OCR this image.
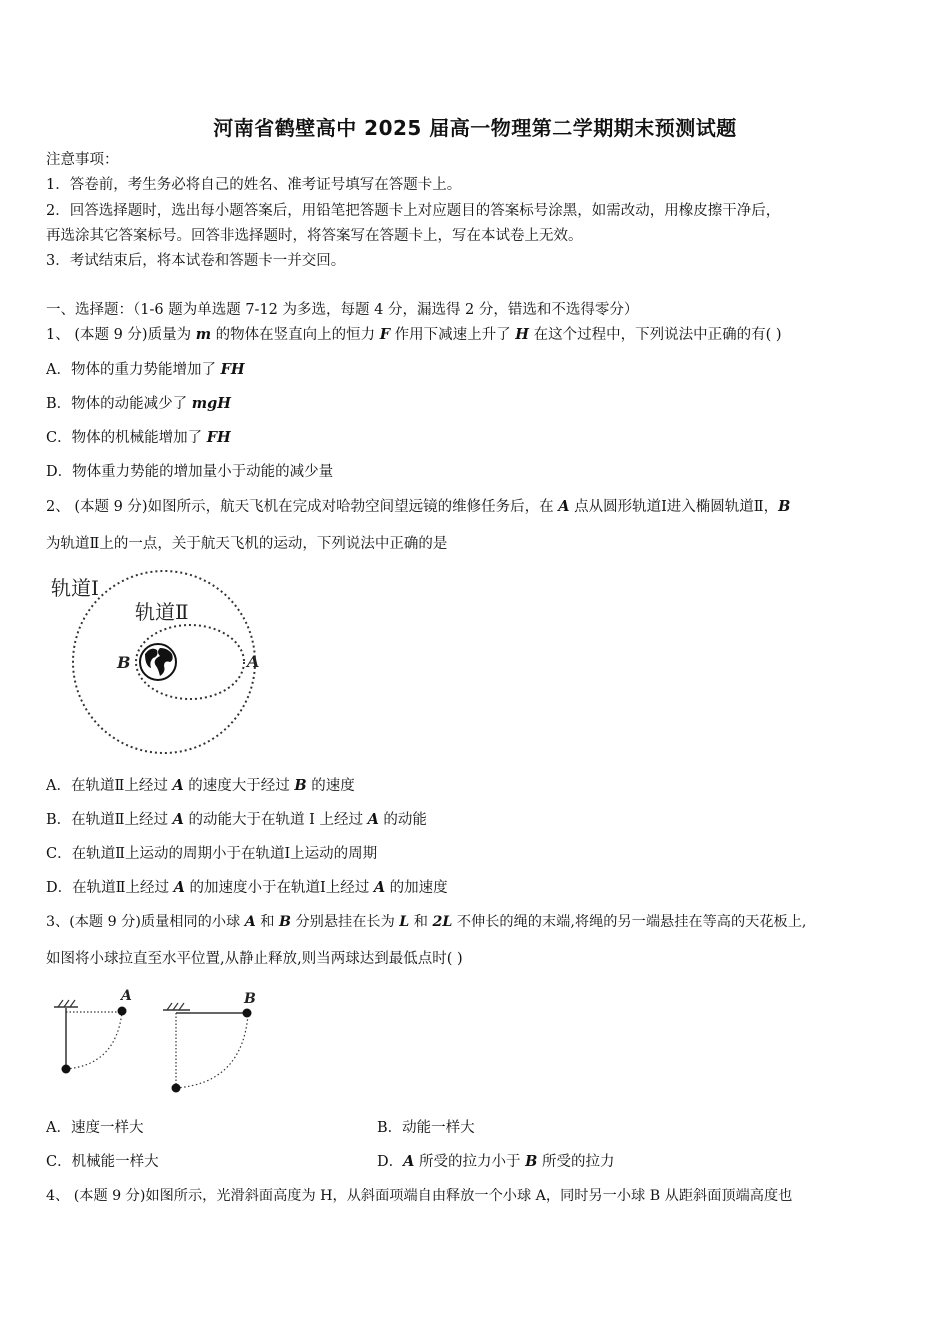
河南省鹤壁高中 2025 届高一物理第二学期期末预测试题
注意事项：
1．答卷前，考生务必将自己的姓名、准考证号填写在答题卡上。
2．回答选择题时，选出每小题答案后，用铅笔把答题卡上对应题目的答案标号涂黑，如需改动，用橡皮擦干净后，
再选涂其它答案标号。回答非选择题时，将答案写在答题卡上，写在本试卷上无效。
3．考试结束后，将本试卷和答题卡一并交回。
一、选择题：（1-6 题为单选题 7-12 为多选，每题 4 分，漏选得 2 分，错选和不选得零分）
1、 (本题 9 分)质量为 m 的物体在竖直向上的恒力 F 作用下减速上升了 H 在这个过程中，下列说法中正确的有( )
A．物体的重力势能增加了 FH
B．物体的动能减少了 mgH
C．物体的机械能增加了 FH
D．物体重力势能的增加量小于动能的减少量
2、 (本题 9 分)如图所示，航天飞机在完成对哈勃空间望远镜的维修任务后，在 A 点从圆形轨道Ⅰ进入椭圆轨道Ⅱ，B
为轨道Ⅱ上的一点，关于航天飞机的运动，下列说法中正确的是
轨道Ⅰ
轨道Ⅱ
B	A
A．在轨道Ⅱ上经过 A 的速度大于经过 B 的速度
B．在轨道Ⅱ上经过 A 的动能大于在轨道 I 上经过 A 的动能
C．在轨道Ⅱ上运动的周期小于在轨道Ⅰ上运动的周期
D．在轨道Ⅱ上经过 A 的加速度小于在轨道Ⅰ上经过 A 的加速度
3、(本题 9 分)质量相同的小球 A 和 B 分别悬挂在长为 L 和 2L 不伸长的绳的末端,将绳的另一端悬挂在等高的天花板上,
如图将小球拉直至水平位置,从静止释放,则当两球达到最低点时( )
A	B
A．速度一样大	B．动能一样大
C．机械能一样大	D．A 所受的拉力小于 B 所受的拉力
4、 (本题 9 分)如图所示，光滑斜面高度为 H，从斜面项端自由释放一个小球 A，同时另一小球 B 从距斜面顶端高度也
